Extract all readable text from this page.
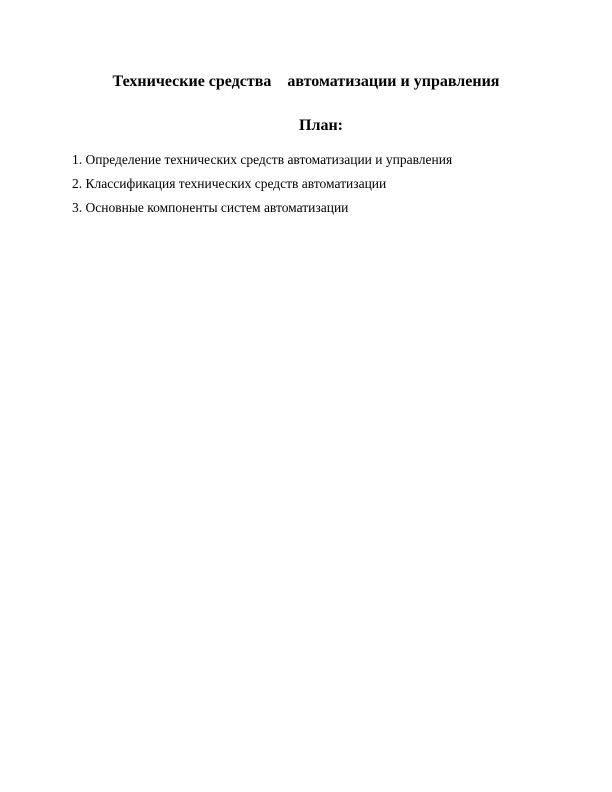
Технические средства    автоматизации и управления
План:
1. Определение технических средств автоматизации и управления
2. Классификация технических средств автоматизации
3. Основные компоненты систем автоматизации
